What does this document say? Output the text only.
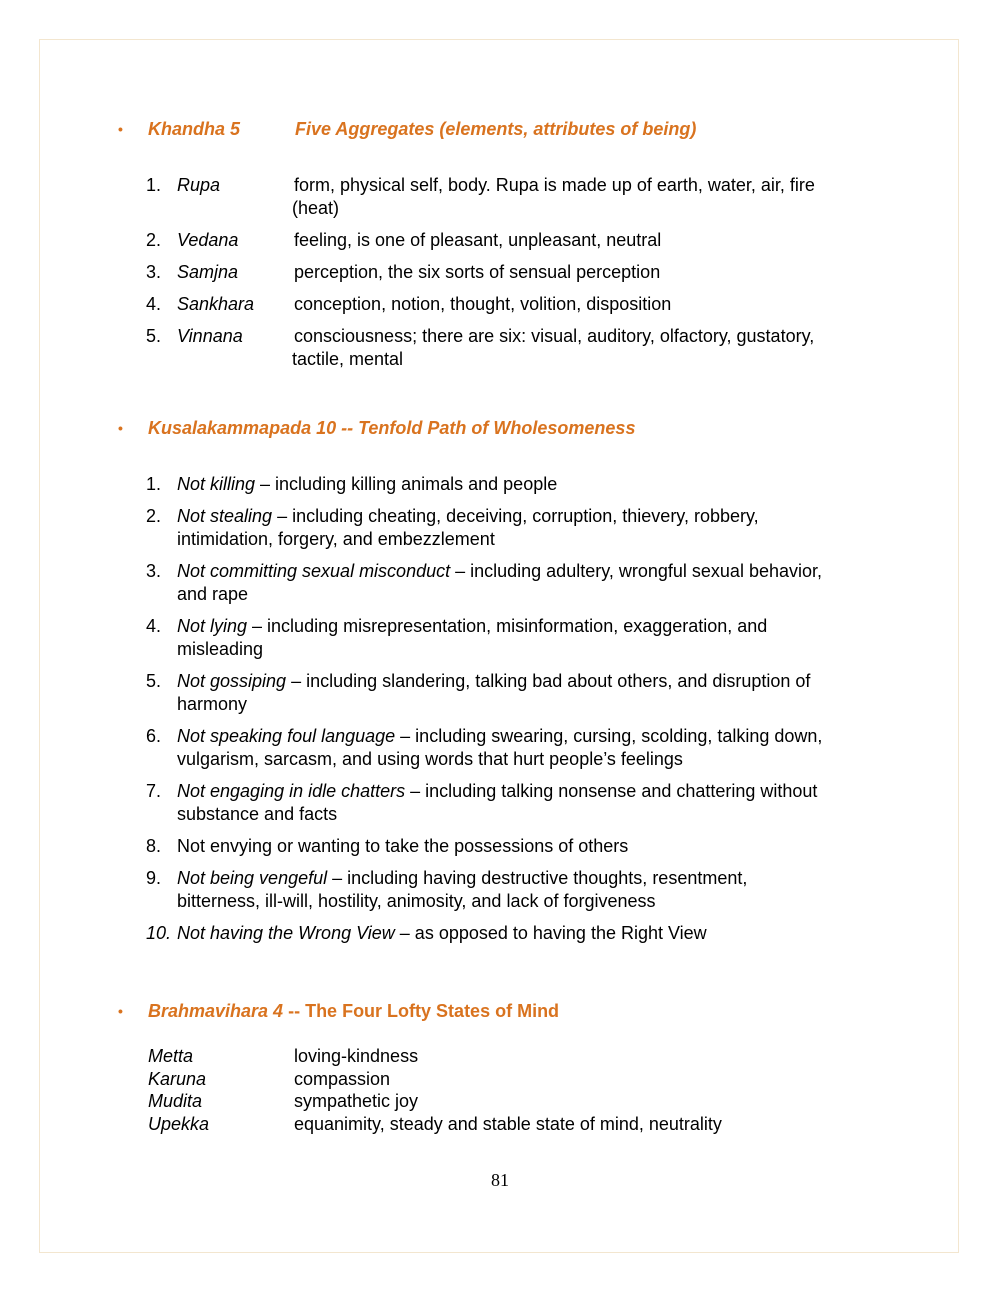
• Khandha 5	Five Aggregates (elements, attributes of being)
1. Rupa	form, physical self, body. Rupa is made up of earth, water, air, fire
(heat)
2. Vedana	feeling, is one of pleasant, unpleasant, neutral
3. Samjna	perception, the six sorts of sensual perception
4. Sankhara conception, notion, thought, volition, disposition
5. Vinnana	consciousness; there are six: visual, auditory, olfactory, gustatory,
tactile, mental
• Kusalakammapada 10 -- Tenfold Path of Wholesomeness
1. Not killing – including killing animals and people
2. Not stealing – including cheating, deceiving, corruption, thievery, robbery,
intimidation, forgery, and embezzlement
3. Not committing sexual misconduct – including adultery, wrongful sexual behavior,
and rape
4. Not lying – including misrepresentation, misinformation, exaggeration, and
misleading
5. Not gossiping – including slandering, talking bad about others, and disruption of
harmony
6. Not speaking foul language – including swearing, cursing, scolding, talking down,
vulgarism, sarcasm, and using words that hurt people’s feelings
7. Not engaging in idle chatters – including talking nonsense and chattering without
substance and facts
8. Not envying or wanting to take the possessions of others
9. Not being vengeful – including having destructive thoughts, resentment,
bitterness, ill-will, hostility, animosity, and lack of forgiveness
10. Not having the Wrong View – as opposed to having the Right View
• Brahmavihara 4 -- The Four Lofty States of Mind
Metta	loving-kindness
Karuna	compassion
Mudita	sympathetic joy
Upekka	equanimity, steady and stable state of mind, neutrality
81
